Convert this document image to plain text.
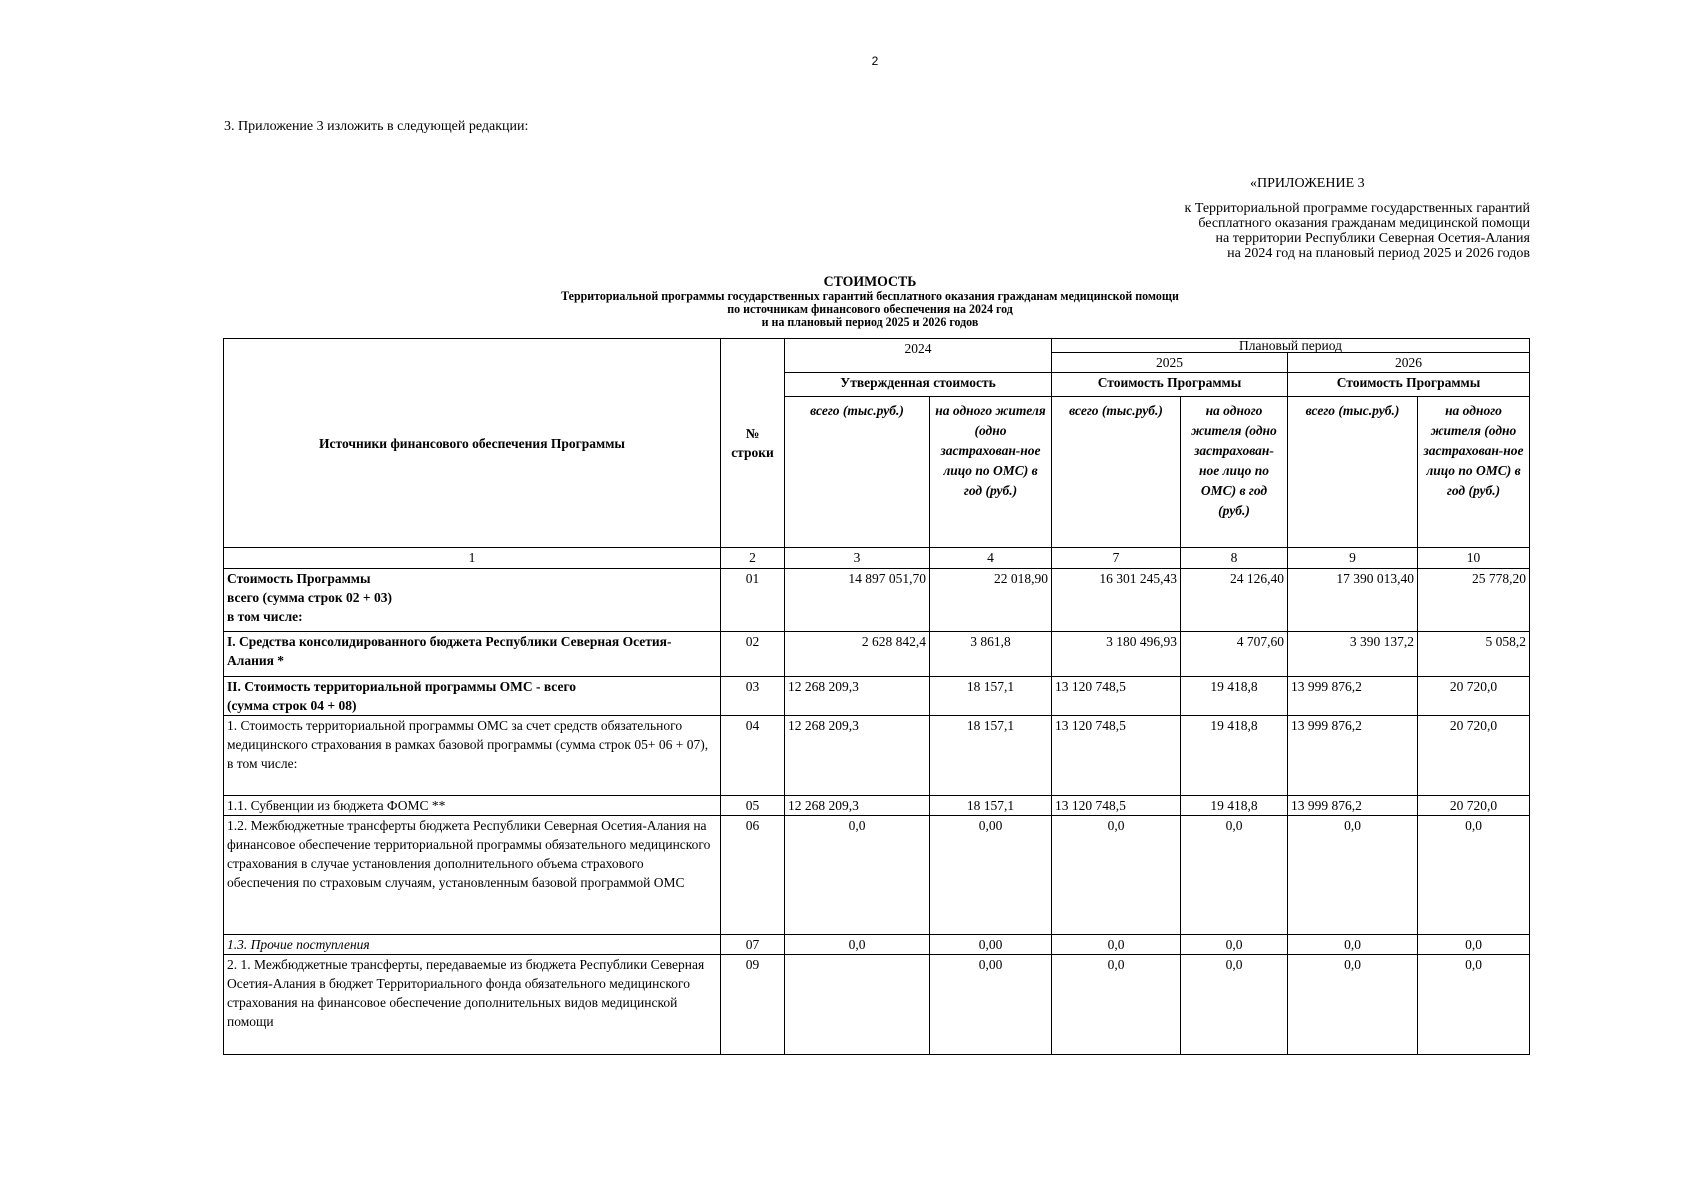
2
3. Приложение 3 изложить в следующей редакции:
«ПРИЛОЖЕНИЕ 3
к Территориальной программе государственных гарантий
бесплатного оказания гражданам медицинской помощи
на территории Республики Северная Осетия-Алания
на 2024 год на плановый период 2025 и 2026 годов
СТОИМОСТЬ
Территориальной программы государственных гарантий бесплатного оказания гражданам медицинской помощи
по источникам финансового обеспечения на 2024 год
и на плановый период 2025 и 2026 годов
Источники финансового обеспечения Программы	№ строки	2024		Плановый период			
				2025		2026	
		Утвержденная стоимость		Стоимость Программы		Стоимость Программы	
		всего (тыс.руб.)	на одного жителя (одно застрахован-ное лицо по ОМС) в год (руб.)	всего (тыс.руб.)	на одного жителя (одно застрахован-ное лицо по ОМС) в год (руб.)	всего (тыс.руб.)	на одного жителя (одно застрахован-ное лицо по ОМС) в год (руб.)
1	2	3	4	7	8	9	10
Стоимость Программы
всего (сумма строк 02 + 03)
в том числе:	01	14 897 051,70	22 018,90	16 301 245,43	24 126,40	17 390 013,40	25 778,20
I. Средства консолидированного бюджета Республики Северная Осетия-Алания *	02	2 628 842,4	3 861,8	3 180 496,93	4 707,60	3 390 137,2	5 058,2
II. Стоимость территориальной программы ОМС - всего
(сумма строк 04 + 08)	03	12 268 209,3	18 157,1	13 120 748,5	19 418,8	13 999 876,2	20 720,0
1. Стоимость территориальной программы ОМС за счет средств обязательного медицинского страхования в рамках базовой программы (сумма строк 05+ 06 + 07),
в том числе:	04	12 268 209,3	18 157,1	13 120 748,5	19 418,8	13 999 876,2	20 720,0
1.1. Субвенции из бюджета ФОМС **	05	12 268 209,3	18 157,1	13 120 748,5	19 418,8	13 999 876,2	20 720,0
1.2. Межбюджетные трансферты бюджета Республики Северная Осетия-Алания на финансовое обеспечение территориальной программы обязательного медицинского страхования в случае установления дополнительного объема страхового обеспечения по страховым случаям, установленным базовой программой ОМС	06	0,0	0,00	0,0	0,0	0,0	0,0
1.3. Прочие поступления	07	0,0	0,00	0,0	0,0	0,0	0,0
2. 1. Межбюджетные трансферты, передаваемые из бюджета Республики Северная Осетия-Алания в бюджет Территориального фонда обязательного медицинского страхования на финансовое обеспечение дополнительных видов медицинской помощи	09		0,00	0,0	0,0	0,0	0,0
